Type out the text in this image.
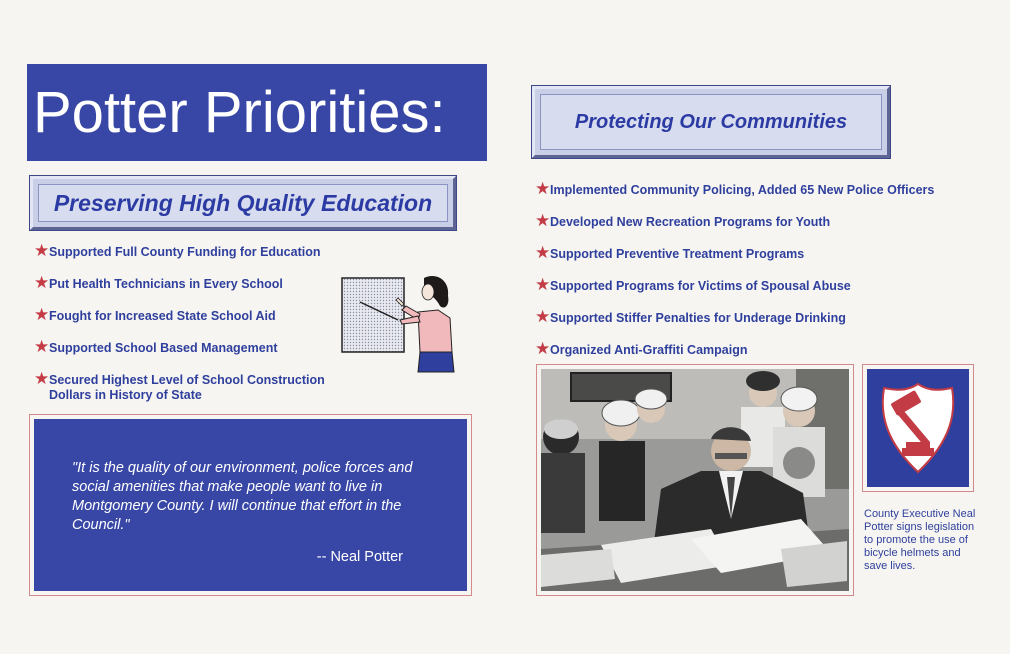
Potter Priorities:
Preserving High Quality Education
★ Supported Full County Funding for Education
★ Put Health Technicians in Every School
★ Fought for Increased State School Aid
★ Supported School Based Management
★ Secured Highest Level of School Construction Dollars in History of State

"It is the quality of our environment, police forces and social amenities that make people want to live in Montgomery County. I will continue that effort in the Council."

-- Neal Potter
Protecting Our Communities
★ Implemented Community Policing, Added 65 New Police Officers
★ Developed New Recreation Programs for Youth
★ Supported Preventive Treatment Programs
★ Supported Programs for Victims of Spousal Abuse
★ Supported Stiffer Penalties for Underage Drinking
★ Organized Anti-Graffiti Campaign

County Executive Neal Potter signs legislation to promote the use of bicycle helmets and save lives.
